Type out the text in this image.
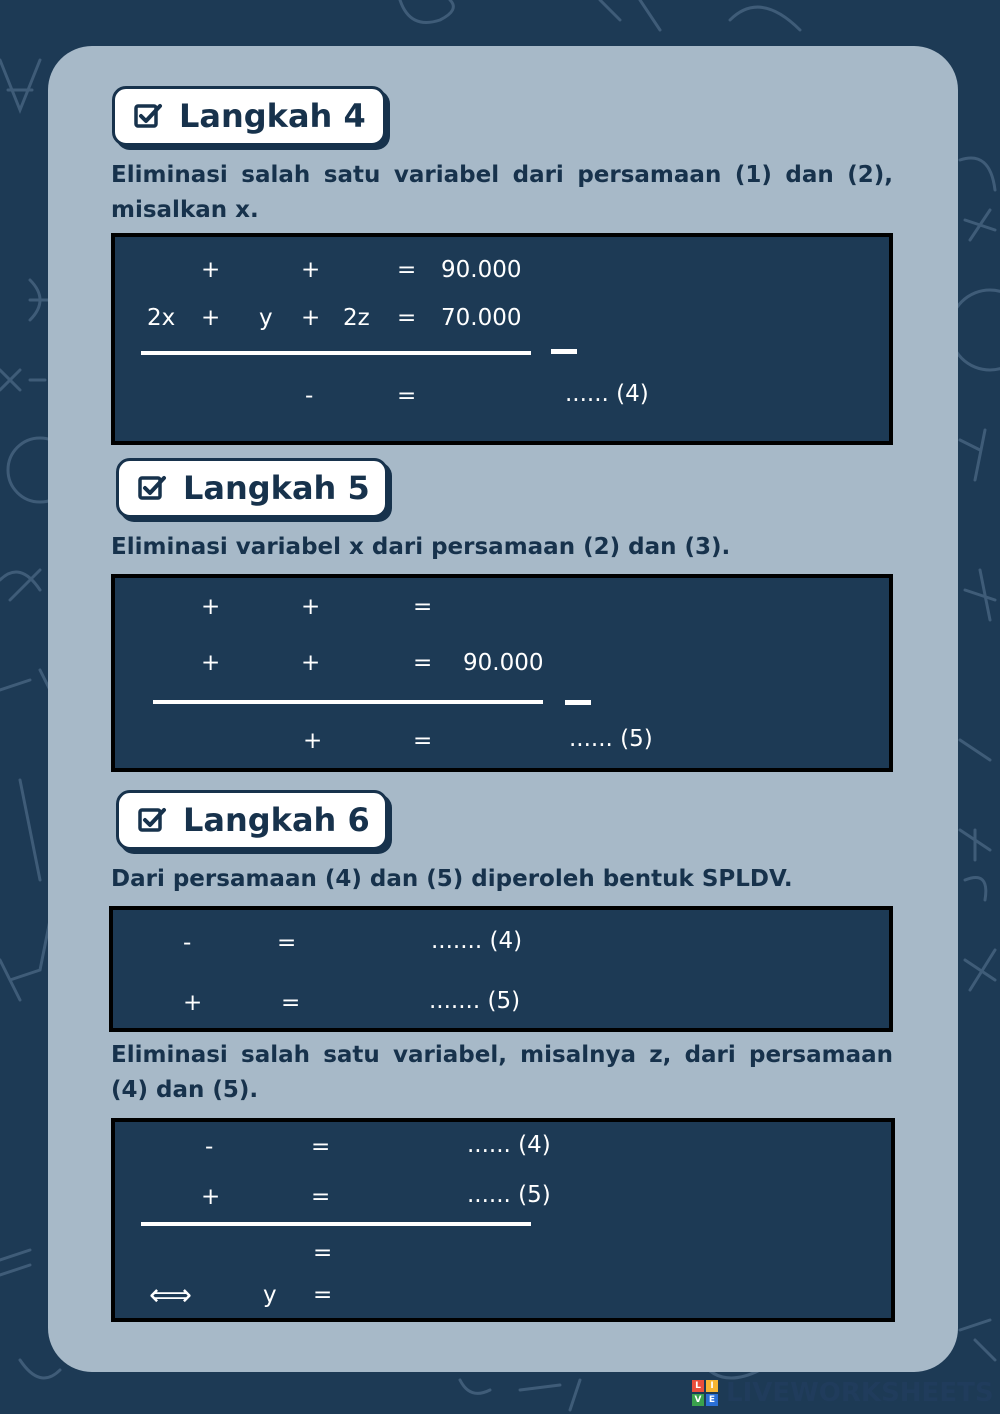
Langkah 4
Eliminasi salah satu variabel dari persamaan (1) dan (2), misalkan x.
+	+	= 90.000
2x + y + 2z = 70.000
-	=	...... (4)
Langkah 5
Eliminasi variabel x dari persamaan (2) dan (3).
+	+	=
+	+	= 90.000
+	=	...... (5)
Langkah 6
Dari persamaan (4) dan (5) diperoleh bentuk SPLDV.
-	=	....... (4)
+	=	....... (5)
Eliminasi salah satu variabel, misalnya z, dari persamaan (4) dan (5).
-	=	...... (4)
+	=	...... (5)
=
⟺	y =
L	I
V E LIVEWORKSHEETS
